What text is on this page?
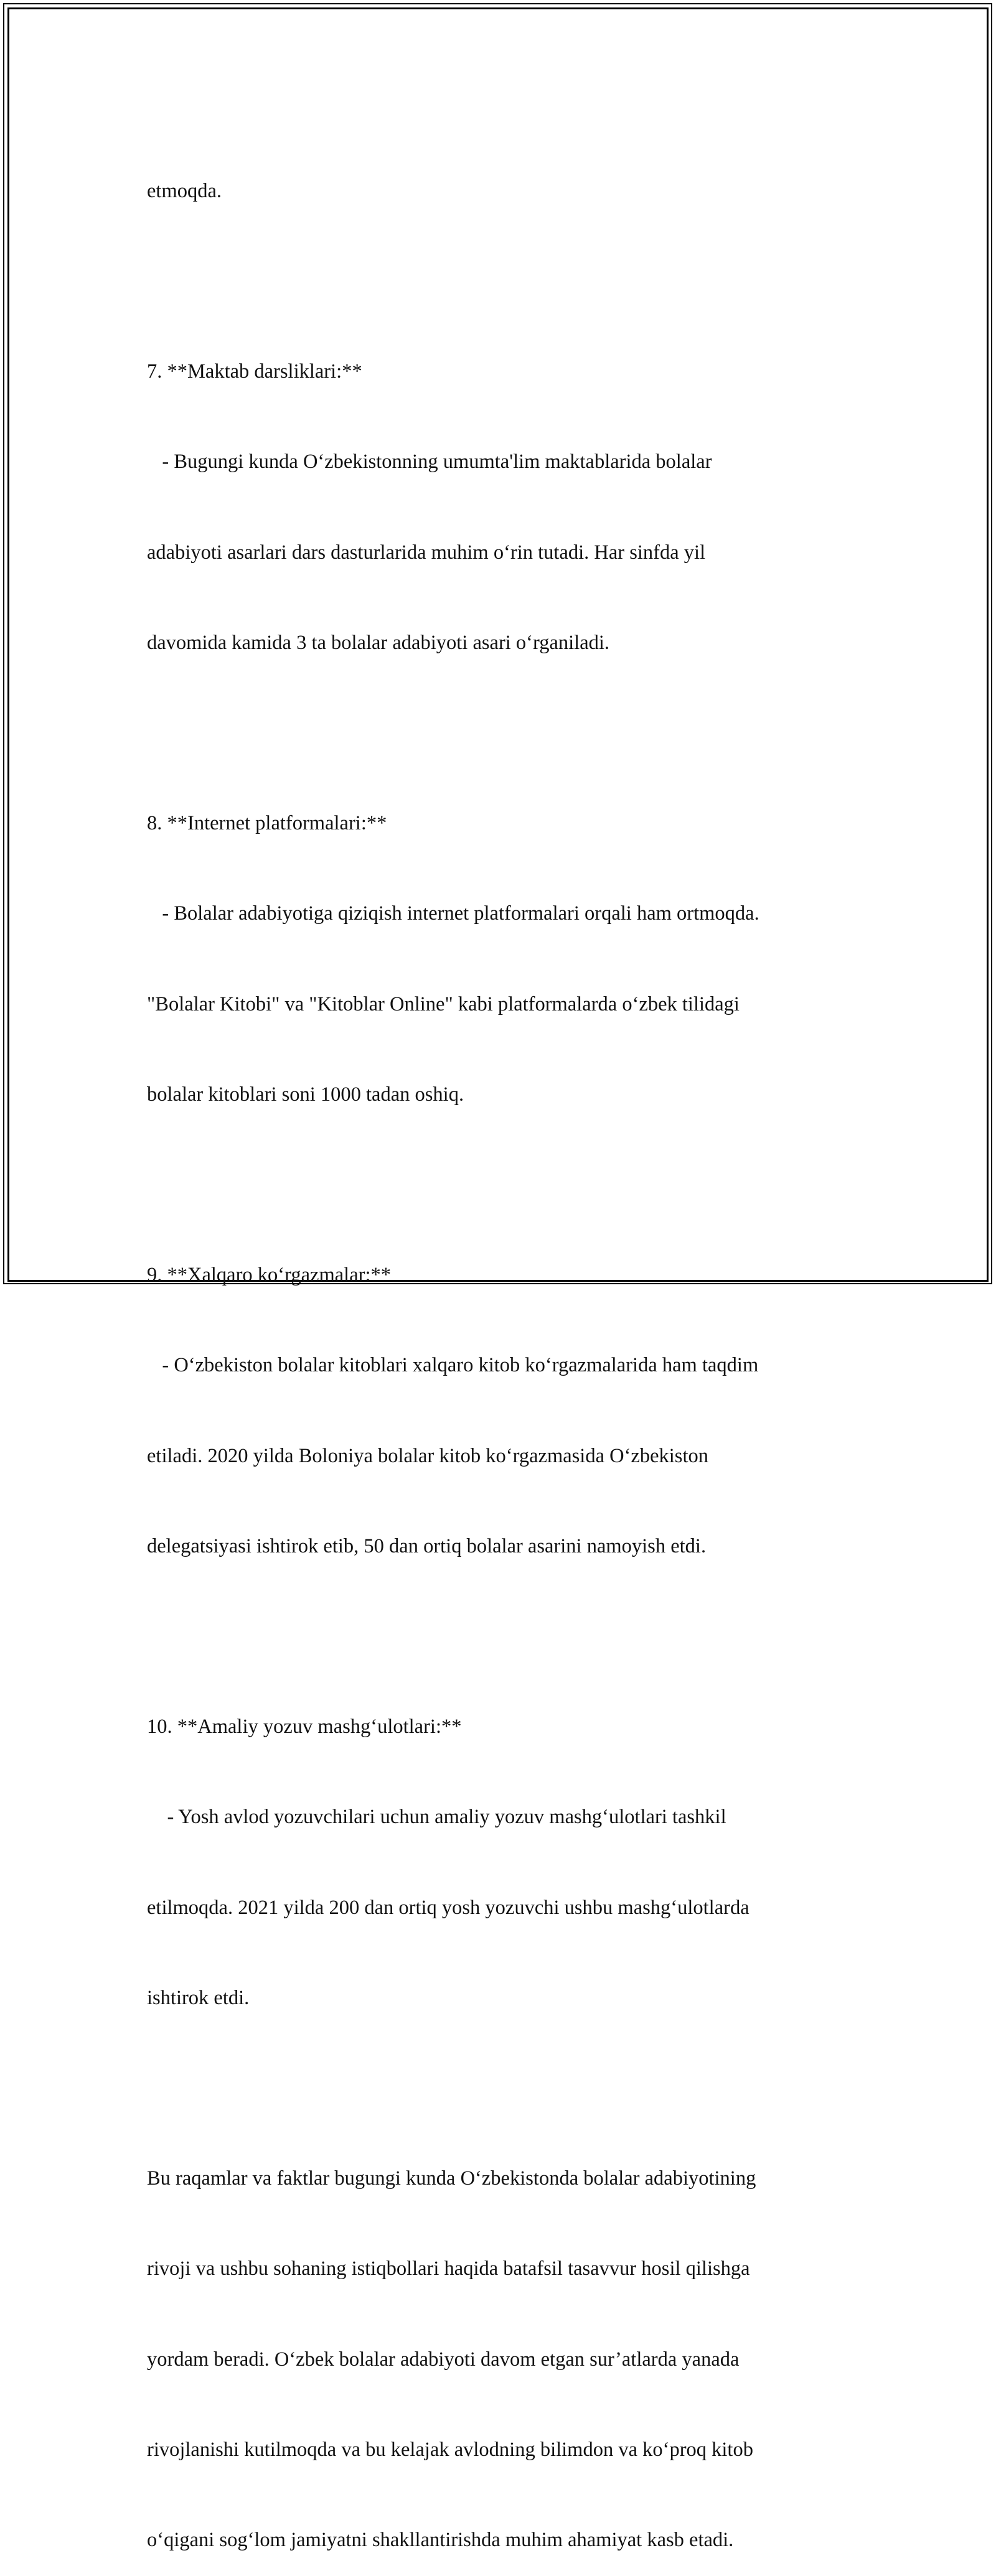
etmoqda.

7. **Maktab darsliklari:**

- Bugungi kunda O‘zbekistonning umumta'lim maktablarida bolalar

adabiyoti asarlari dars dasturlarida muhim o‘rin tutadi. Har sinfda yil

davomida kamida 3 ta bolalar adabiyoti asari o‘rganiladi.

8. **Internet platformalari:**

- Bolalar adabiyotiga qiziqish internet platformalari orqali ham ortmoqda.

"Bolalar Kitobi" va "Kitoblar Online" kabi platformalarda o‘zbek tilidagi

bolalar kitoblari soni 1000 tadan oshiq.

9. **Xalqaro ko‘rgazmalar:**

- O‘zbekiston bolalar kitoblari xalqaro kitob ko‘rgazmalarida ham taqdim

etiladi. 2020 yilda Boloniya bolalar kitob ko‘rgazmasida O‘zbekiston

delegatsiyasi ishtirok etib, 50 dan ortiq bolalar asarini namoyish etdi.

10. **Amaliy yozuv mashg‘ulotlari:**

- Yosh avlod yozuvchilari uchun amaliy yozuv mashg‘ulotlari tashkil

etilmoqda. 2021 yilda 200 dan ortiq yosh yozuvchi ushbu mashg‘ulotlarda

ishtirok etdi.

Bu raqamlar va faktlar bugungi kunda O‘zbekistonda bolalar adabiyotining

rivoji va ushbu sohaning istiqbollari haqida batafsil tasavvur hosil qilishga

yordam beradi. O‘zbek bolalar adabiyoti davom etgan sur’atlarda yanada

rivojlanishi kutilmoqda va bu kelajak avlodning bilimdon va ko‘proq kitob

o‘qigani sog‘lom jamiyatni shakllantirishda muhim ahamiyat kasb etadi.
